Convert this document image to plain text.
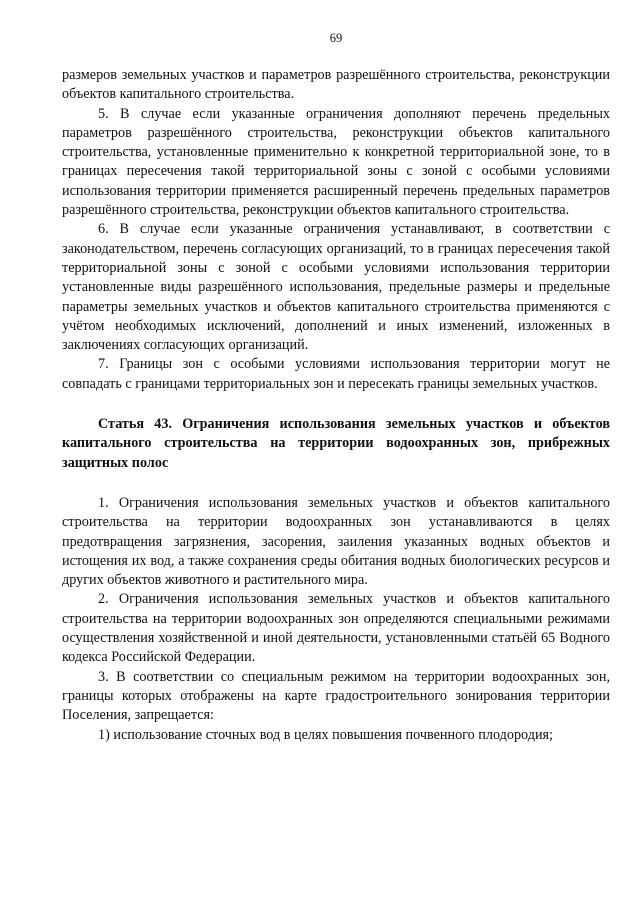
69

размеров земельных участков и параметров разрешённого строительства, реконструкции объектов капитального строительства.

5. В случае если указанные ограничения дополняют перечень предельных параметров разрешённого строительства, реконструкции объектов капитального строительства, установленные применительно к конкретной территориальной зоне, то в границах пересечения такой территориальной зоны с зоной с особыми условиями использования территории применяется расширенный перечень предельных параметров разрешённого строительства, реконструкции объектов капитального строительства.

6. В случае если указанные ограничения устанавливают, в соответствии с законодательством, перечень согласующих организаций, то в границах пересечения такой территориальной зоны с зоной с особыми условиями использования территории установленные виды разрешённого использования, предельные размеры и предельные параметры земельных участков и объектов капитального строительства применяются с учётом необходимых исключений, дополнений и иных изменений, изложенных в заключениях согласующих организаций.

7. Границы зон с особыми условиями использования территории могут не совпадать с границами территориальных зон и пересекать границы земельных участков.

Статья 43. Ограничения использования земельных участков и объектов капитального строительства на территории водоохранных зон, прибрежных защитных полос

1. Ограничения использования земельных участков и объектов капитального строительства на территории водоохранных зон устанавливаются в целях предотвращения загрязнения, засорения, заиления указанных водных объектов и истощения их вод, а также сохранения среды обитания водных биологических ресурсов и других объектов животного и растительного мира.

2. Ограничения использования земельных участков и объектов капитального строительства на территории водоохранных зон определяются специальными режимами осуществления хозяйственной и иной деятельности, установленными статьёй 65 Водного кодекса Российской Федерации.

3. В соответствии со специальным режимом на территории водоохранных зон, границы которых отображены на карте градостроительного зонирования территории Поселения, запрещается:

1) использование сточных вод в целях повышения почвенного плодородия;
